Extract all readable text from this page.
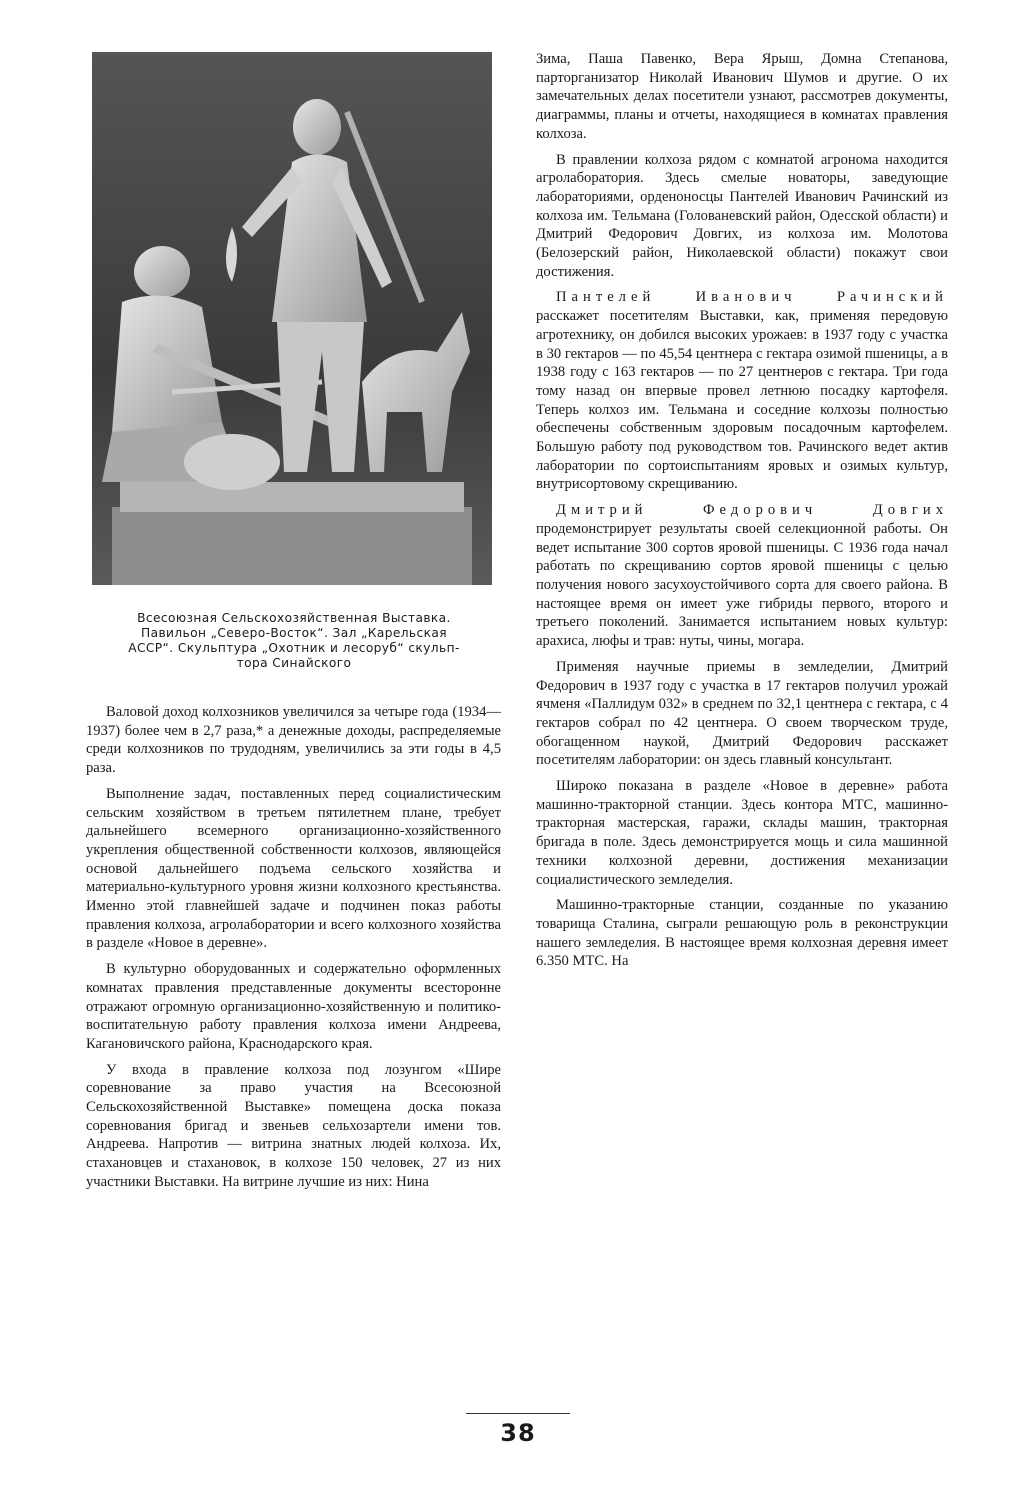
Всесоюзная Сельскохозяйственная Выставка.

Павильон „Северо-Восток“. Зал „Карельская

АССР“. Скульптура „Охотник и лесоруб“ скульп-

тора Синайского

Валовой доход колхозников увеличился за четыре года (1934—1937) более чем в 2,7 раза,* а денежные доходы, распределяемые среди колхозников по трудодням, увеличились за эти годы в 4,5 раза.

Выполнение задач, поставленных перед социалистическим сельским хозяйством в третьем пятилетнем плане, требует дальнейшего всемерного организационно-хозяйственного укрепления общественной собственности колхозов, являющейся основой дальнейшего подъема сельского хозяйства и материально-культурного уровня жизни колхозного крестьянства. Именно этой главнейшей задаче и подчинен показ работы правления колхоза, агролаборатории и всего колхозного хозяйства в разделе «Новое в деревне».

В культурно оборудованных и содержательно оформленных комнатах правления представленные документы всесторонне отражают огромную организационно-хозяйственную и политико-воспитательную работу правления колхоза имени Андреева, Кагановичского района, Краснодарского края.

У входа в правление колхоза под лозунгом «Шире соревнование за право участия на Всесоюзной Сельскохозяйственной Выставке» помещена доска показа соревнования бригад и звеньев сельхозартели имени тов. Андреева. Напротив — витрина знатных людей колхоза. Их, стахановцев и стахановок, в колхозе 150 человек, 27 из них участники Выставки. На витрине лучшие из них: Нина

Зима, Паша Павенко, Вера Ярыш, Домна Степанова, парторганизатор Николай Иванович Шумов и другие. О их замечательных делах посетители узнают, рассмотрев документы, диаграммы, планы и отчеты, находящиеся в комнатах правления колхоза.

В правлении колхоза рядом с комнатой агронома находится агролаборатория. Здесь смелые новаторы, заведующие лабораториями, орденоносцы Пантелей Иванович Рачинский из колхоза им. Тельмана (Голованевский район, Одесской области) и Дмитрий Федорович Довгих, из колхоза им. Молотова (Белозерский район, Николаевской области) покажут свои достижения.

Пантелей Иванович Рачинский расскажет посетителям Выставки, как, применяя передовую агротехнику, он добился высоких урожаев: в 1937 году с участка в 30 гектаров — по 45,54 центнера с гектара озимой пшеницы, а в 1938 году с 163 гектаров — по 27 центнеров с гектара. Три года тому назад он впервые провел летнюю посадку картофеля. Теперь колхоз им. Тельмана и соседние колхозы полностью обеспечены собственным здоровым посадочным картофелем. Большую работу под руководством тов. Рачинского ведет актив лаборатории по сортоиспытаниям яровых и озимых культур, внутрисортовому скрещиванию.

Дмитрий Федорович Довгих продемонстрирует результаты своей селекционной работы. Он ведет испытание 300 сортов яровой пшеницы. С 1936 года начал работать по скрещиванию сортов яровой пшеницы с целью получения нового засухоустойчивого сорта для своего района. В настоящее время он имеет уже гибриды первого, второго и третьего поколений. Занимается испытанием новых культур: арахиса, люфы и трав: нуты, чины, могара.

Применяя научные приемы в земледелии, Дмитрий Федорович в 1937 году с участка в 17 гектаров получил урожай ячменя «Паллидум 032» в среднем по 32,1 центнера с гектара, с 4 гектаров собрал по 42 центнера. О своем творческом труде, обогащенном наукой, Дмитрий Федорович расскажет посетителям лаборатории: он здесь главный консультант.

Широко показана в разделе «Новое в деревне» работа машинно-тракторной станции. Здесь контора МТС, машинно-тракторная мастерская, гаражи, склады машин, тракторная бригада в поле. Здесь демонстрируется мощь и сила машинной техники колхозной деревни, достижения механизации социалистического земледелия.

Машинно-тракторные станции, созданные по указанию товарища Сталина, сыграли решающую роль в реконструкции нашего земледелия. В настоящее время колхозная деревня имеет 6.350 МТС. На

38
